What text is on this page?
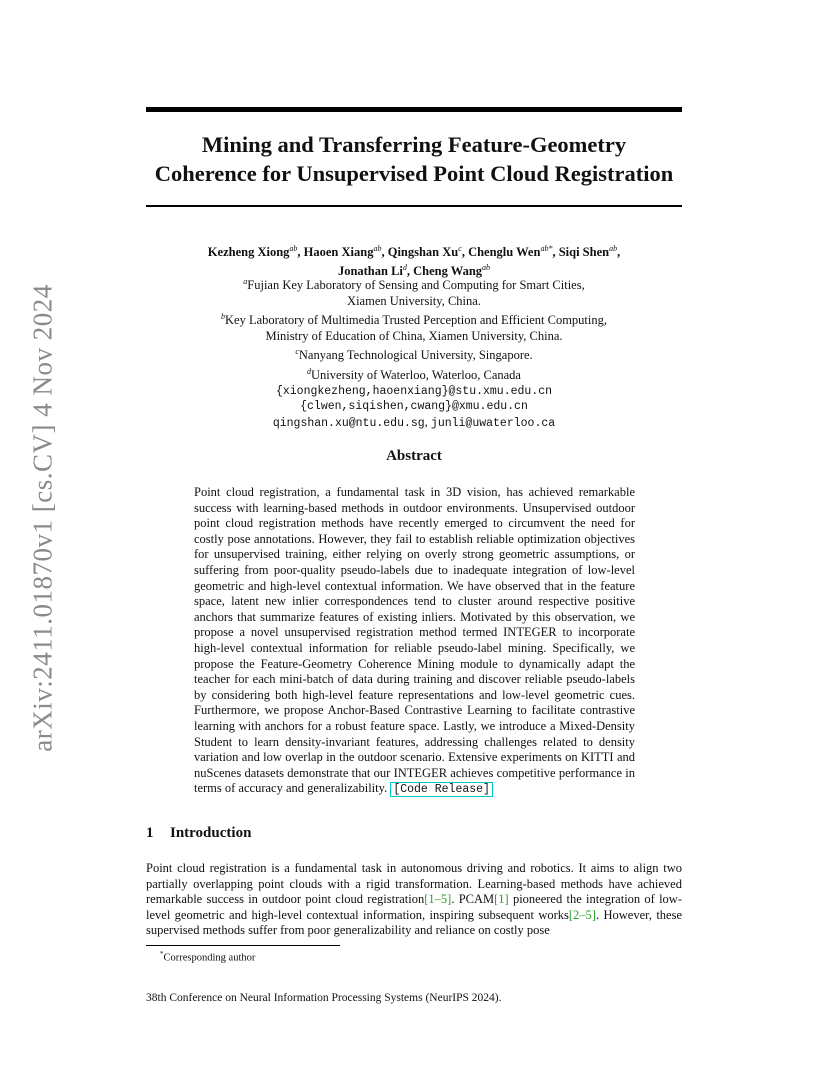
arXiv:2411.01870v1 [cs.CV] 4 Nov 2024
Mining and Transferring Feature-Geometry
Coherence for Unsupervised Point Cloud Registration
Kezheng Xiong$^{ab}$, Haoen Xiang$^{ab}$, Qingshan Xu$^c$, Chenglu Wen$^{ab*}$, Siqi Shen$^{ab}$,
Jonathan Li$^d$, Cheng Wang$^{ab}$
$^a$Fujian Key Laboratory of Sensing and Computing for Smart Cities,
Xiamen University, China.
$^b$Key Laboratory of Multimedia Trusted Perception and Efficient Computing,
Ministry of Education of China, Xiamen University, China.
$^c$Nanyang Technological University, Singapore.
$^d$University of Waterloo, Waterloo, Canada
{xiongkezheng,haoenxiang}@stu.xmu.edu.cn
{clwen,siqishen,cwang}@xmu.edu.cn
qingshan.xu@ntu.edu.sg, junli@uwaterloo.ca
Abstract
Point cloud registration, a fundamental task in 3D vision, has achieved remarkable success with learning-based methods in outdoor environments. Unsupervised outdoor point cloud registration methods have recently emerged to circumvent the need for costly pose annotations. However, they fail to establish reliable optimization objectives for unsupervised training, either relying on overly strong geometric assumptions, or suffering from poor-quality pseudo-labels due to inadequate integration of low-level geometric and high-level contextual information. We have observed that in the feature space, latent new inlier correspondences tend to cluster around respective positive anchors that summarize features of existing inliers. Motivated by this observation, we propose a novel unsupervised registration method termed INTEGER to incorporate high-level contextual information for reliable pseudo-label mining. Specifically, we propose the Feature-Geometry Coherence Mining module to dynamically adapt the teacher for each mini-batch of data during training and discover reliable pseudo-labels by considering both high-level feature representations and low-level geometric cues. Furthermore, we propose Anchor-Based Contrastive Learning to facilitate contrastive learning with anchors for a robust feature space. Lastly, we introduce a Mixed-Density Student to learn density-invariant features, addressing challenges related to density variation and low overlap in the outdoor scenario. Extensive experiments on KITTI and nuScenes datasets demonstrate that our INTEGER achieves competitive performance in terms of accuracy and generalizability. [Code Release]
1 Introduction
Point cloud registration is a fundamental task in autonomous driving and robotics. It aims to align two partially overlapping point clouds with a rigid transformation. Learning-based methods have achieved remarkable success in outdoor point cloud registration[1–5]. PCAM[1] pioneered the integration of low-level geometric and high-level contextual information, inspiring subsequent works[2–5]. However, these supervised methods suffer from poor generalizability and reliance on costly pose
*Corresponding author
38th Conference on Neural Information Processing Systems (NeurIPS 2024).
